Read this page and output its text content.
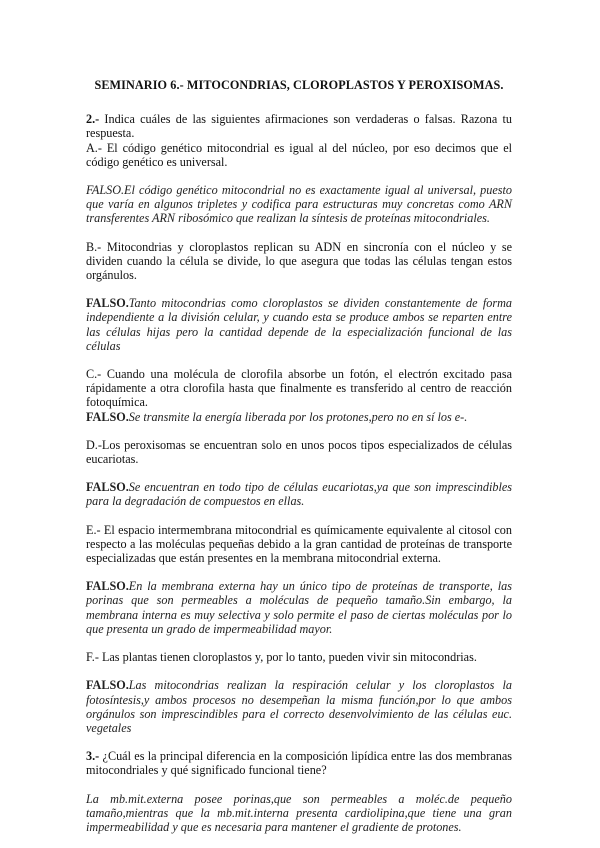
SEMINARIO 6.- MITOCONDRIAS, CLOROPLASTOS Y PEROXISOMAS.

2.- Indica cuáles de las siguientes afirmaciones son verdaderas o falsas. Razona tu respuesta.

A.- El código genético mitocondrial es igual al del núcleo, por eso decimos que el código genético es universal.

FALSO.El código genético mitocondrial no es exactamente igual al universal, puesto que varía en algunos tripletes y codifica para estructuras muy concretas como ARN transferentes ARN ribosómico que realizan la síntesis de proteínas mitocondriales.

B.- Mitocondrias y cloroplastos replican su ADN en sincronía con el núcleo y se dividen cuando la célula se divide, lo que asegura que todas las células tengan estos orgánulos.

FALSO.Tanto mitocondrias como cloroplastos se dividen constantemente de forma independiente a la división celular, y cuando esta se produce ambos se reparten entre las células hijas pero la cantidad depende de la especialización funcional de las células

C.- Cuando una molécula de clorofila absorbe un fotón, el electrón excitado pasa rápidamente a otra clorofila hasta que finalmente es transferido al centro de reacción fotoquímica.

FALSO.Se transmite la energía liberada por los protones,pero no en sí los e-.

D.-Los peroxisomas se encuentran solo en unos pocos tipos especializados de células eucariotas.

FALSO.Se encuentran en todo tipo de células eucariotas,ya que son imprescindibles para la degradación de compuestos en ellas.

E.- El espacio intermembrana mitocondrial es químicamente equivalente al citosol con respecto a las moléculas pequeñas debido a la gran cantidad de proteínas de transporte especializadas que están presentes en la membrana mitocondrial externa.

FALSO.En la membrana externa hay un único tipo de proteínas de transporte, las porinas que son permeables a moléculas de pequeño tamaño.Sin embargo, la membrana interna es muy selectiva y solo permite el paso de ciertas moléculas por lo que presenta un grado de impermeabilidad mayor.

F.- Las plantas tienen cloroplastos y, por lo tanto, pueden vivir sin mitocondrias.

FALSO.Las mitocondrias realizan la respiración celular y los cloroplastos la fotosíntesis,y ambos procesos no desempeñan la misma función,por lo que ambos orgánulos son imprescindibles para el correcto desenvolvimiento de las células euc. vegetales

3.- ¿Cuál es la principal diferencia en la composición lipídica entre las dos membranas mitocondriales y qué significado funcional tiene?

La mb.mit.externa posee porinas,que son permeables a moléc.de pequeño tamaño,mientras que la mb.mit.interna presenta cardiolipina,que tiene una gran impermeabilidad y que es necesaria para mantener el gradiente de protones.
